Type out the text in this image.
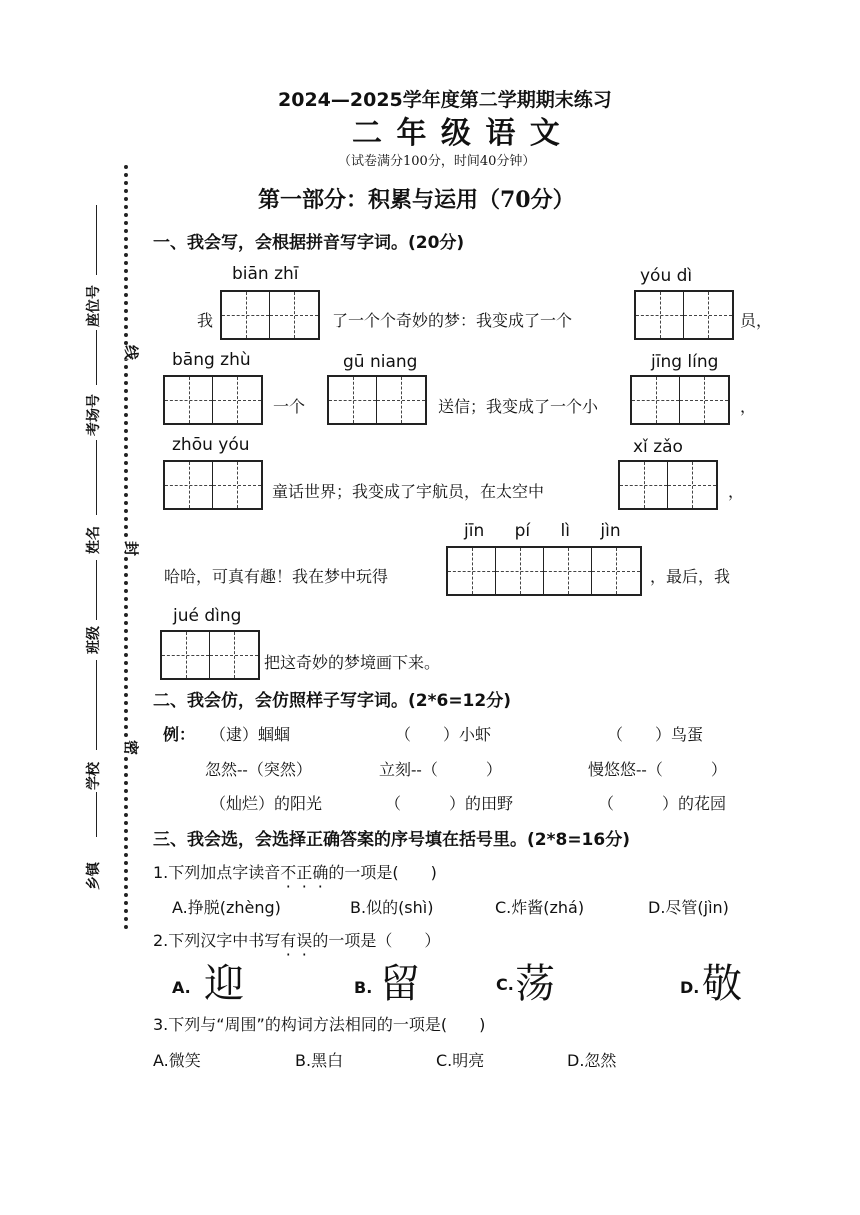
2024—2025学年度第二学期期末练习
二 年 级 语 文
（试卷满分100分，时间40分钟）
第一部分：积累与运用（70分）
座位号
考场号
姓名
班级
学校
乡镇
线
封
密
一、我会写，会根据拼音写字词。(20分)
biān zhī	yóu dì
我	了一个个奇妙的梦：我变成了一个	员，
bāng zhù	gū niang	jīng líng
一个	送信；我变成了一个小	，
zhōu yóu	xǐ zǎo
童话世界；我变成了宇航员，在太空中	，
jīn pí lì jìn
哈哈，可真有趣！我在梦中玩得	，最后，我
jué dìng
把这奇妙的梦境画下来。
二、我会仿，会仿照样子写字词。(2*6=12分)
例： （逮）蝈蝈	（　　）小虾	（　　）鸟蛋
忽然--（突然）	立刻--（　　　）	慢悠悠--（　　　）
（灿烂）的阳光	（　　　）的田野	（　　　）的花园
三、我会选，会选择正确答案的序号填在括号里。(2*8=16分)
1.下列加点字读音不正确的一项是(　　)
A.挣脱(zhèng)	B.似的(shì)	C.炸酱(zhá)	D.尽管(jìn)
2.下列汉字中书写有误的一项是（　　）
A. 迎	B. 留	C. 荡	D. 敬
3.下列与“周围”的构词方法相同的一项是(　　)
A.微笑	B.黑白	C.明亮	D.忽然
